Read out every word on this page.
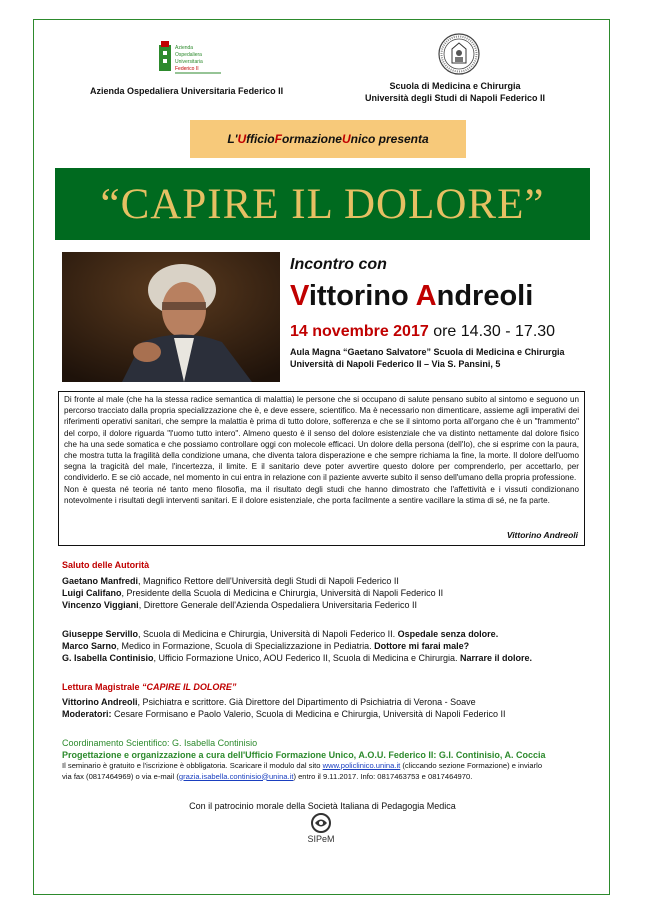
Azienda
Ospedaliera
Universitaria
Federico II
Azienda Ospedaliera Universitaria Federico II	Scuola di Medicina e Chirurgia
Università degli Studi di Napoli Federico II
L' U fficio F ormazione U nico presenta
“CAPIRE IL DOLORE”
Incontro con
Vittorino Andreoli
14 novembre 2017 ore 14.30 - 17.30
Aula Magna “Gaetano Salvatore” Scuola di Medicina e Chirurgia
Università di Napoli Federico II – Via S. Pansini, 5
Di fronte al male (che ha la stessa radice semantica di malattia) le persone che si occupano di salute pensano subito al sintomo e seguono un percorso tracciato dalla propria specializzazione che è, e deve essere, scientifico. Ma è necessario non dimenticare, assieme agli imperativi dei riferimenti operativi sanitari, che sempre la malattia è prima di tutto dolore, sofferenza e che se il sintomo porta all'organo che è un "frammento" del corpo, il dolore riguarda "l'uomo tutto intero". Almeno questo è il senso del dolore esistenziale che va distinto nettamente dal dolore fisico che ha una sede somatica e che possiamo controllare oggi con molecole efficaci. Un dolore della persona (dell'Io), che si esprime con la paura, che mostra tutta la fragilità della condizione umana, che diventa talora disperazione e che sempre richiama la fine, la morte. Il dolore dell'uomo segna la tragicità del male, l'incertezza, il limite. E il sanitario deve poter avvertire questo dolore per comprenderlo, per accettarlo, per condividerlo. E se ciò accade, nel momento in cui entra in relazione con il paziente avverte subito il senso dell'umano della propria professione.
Non è questa né teoria né tanto meno filosofia, ma il risultato degli studi che hanno dimostrato che l'affettività e i vissuti condizionano notevolmente i risultati degli interventi sanitari. E il dolore esistenziale, che porta facilmente a sentire vacillare la stima di sé, ne fa parte.
Vittorino Andreoli
Saluto delle Autorità
Gaetano Manfredi, Magnifico Rettore dell'Università degli Studi di Napoli Federico II
Luigi Califano, Presidente della Scuola di Medicina e Chirurgia, Università di Napoli Federico II
Vincenzo Viggiani, Direttore Generale dell'Azienda Ospedaliera Universitaria Federico II
Giuseppe Servillo, Scuola di Medicina e Chirurgia, Università di Napoli Federico II. Ospedale senza dolore.
Marco Sarno, Medico in Formazione, Scuola di Specializzazione in Pediatria. Dottore mi farai male?
G. Isabella Continisio, Ufficio Formazione Unico, AOU Federico II, Scuola di Medicina e Chirurgia. Narrare il dolore.
Lettura Magistrale “CAPIRE IL DOLORE”
Vittorino Andreoli, Psichiatra e scrittore. Già Direttore del Dipartimento di Psichiatria di Verona - Soave
Moderatori: Cesare Formisano e Paolo Valerio, Scuola di Medicina e Chirurgia, Università di Napoli Federico II
Coordinamento Scientifico: G. Isabella Continisio
Progettazione e organizzazione a cura dell'Ufficio Formazione Unico, A.O.U. Federico II: G.I. Continisio, A. Coccia
Il seminario è gratuito e l'iscrizione è obbligatoria. Scaricare il modulo dal sito www.policlinico.unina.it (cliccando sezione Formazione) e inviarlo
via fax (0817464969) o via e-mail (grazia.isabella.continisio@unina.it) entro il 9.11.2017. Info: 0817463753 e 0817464970.
Con il patrocinio morale della Società Italiana di Pedagogia Medica
SIPeM
